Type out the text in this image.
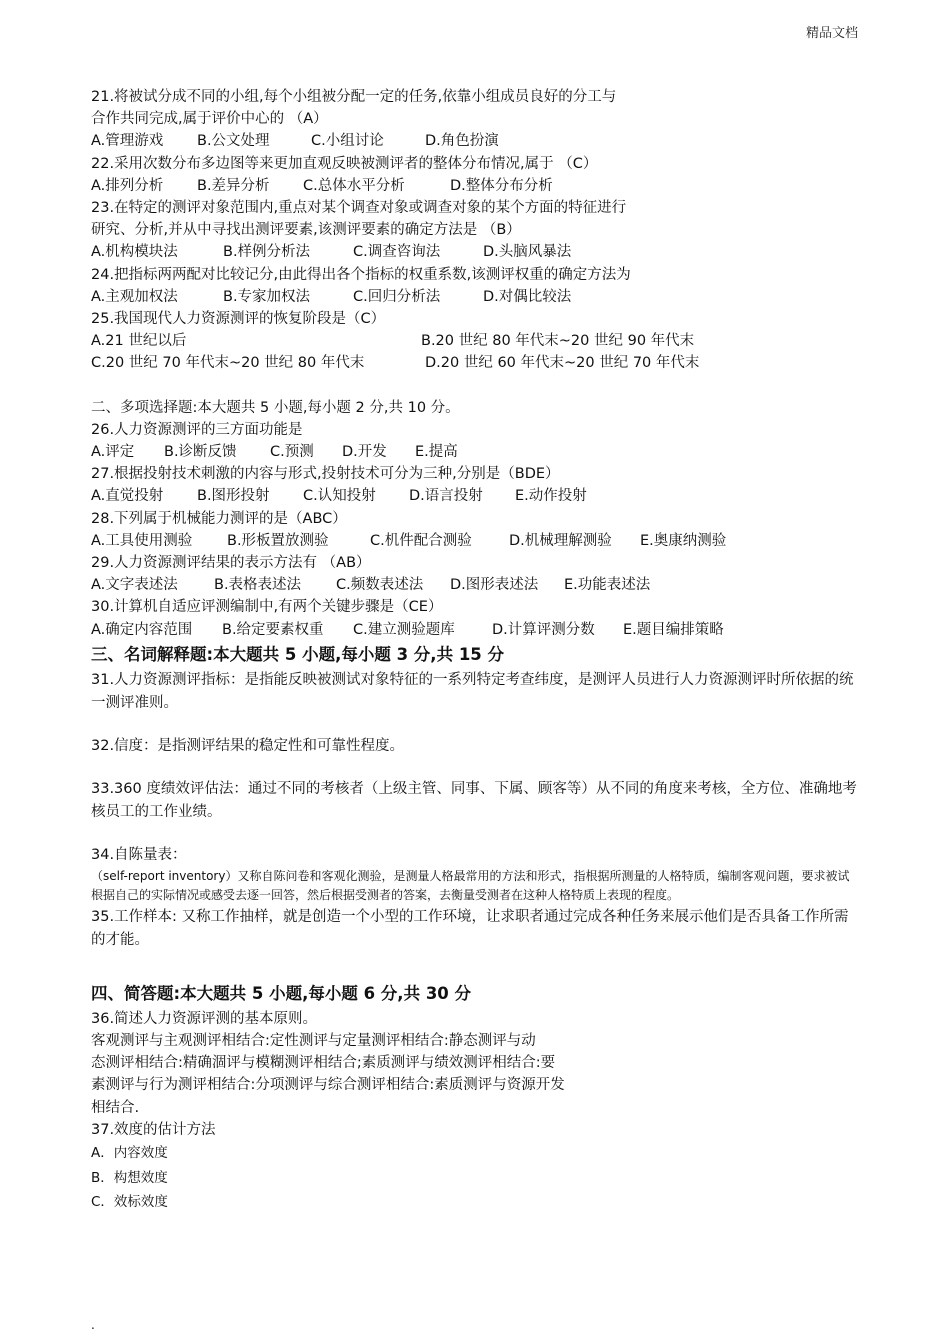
精品文档
21.将被试分成不同的小组,每个小组被分配一定的任务,依靠小组成员良好的分工与
合作共同完成,属于评价中心的 （A）
A.管理游戏 B.公文处理	C.小组讨论	D.角色扮演
22.采用次数分布多边图等来更加直观反映被测评者的整体分布情况,属于 （C）
A.排列分析 B.差异分析 C.总体水平分析	D.整体分布分析
23.在特定的测评对象范围内,重点对某个调查对象或调查对象的某个方面的特征进行
研究、分析,并从中寻找出测评要素,该测评要素的确定方法是 （B）
A.机构模块法	B.样例分析法	C.调查咨询法	D.头脑风暴法
24.把指标两两配对比较记分,由此得出各个指标的权重系数,该测评权重的确定方法为
A.主观加权法	B.专家加权法	C.回归分析法	D.对偶比较法
25.我国现代人力资源测评的恢复阶段是（C）
A.21 世纪以后	B.20 世纪 80 年代末~20 世纪 90 年代末
C.20 世纪 70 年代末~20 世纪 80 年代末	D.20 世纪 60 年代末~20 世纪 70 年代末
二、多项选择题:本大题共 5 小题,每小题 2 分,共 10 分。
26.人力资源测评的三方面功能是
A.评定 B.诊断反馈 C.预测 D.开发 E.提高
27.根据投射技术刺激的内容与形式,投射技术可分为三种,分别是（BDE）
A.直觉投射 B.图形投射 C.认知投射 D.语言投射 E.动作投射
28.下列属于机械能力测评的是（ABC）
A.工具使用测验 B.形板置放测验	C.机件配合测验	D.机械理解测验 E.奥康纳测验
29.人力资源测评结果的表示方法有 （AB）
A.文字表述法 B.表格表述法 C.频数表述法 D.图形表述法 E.功能表述法
30.计算机自适应评测编制中,有两个关键步骤是（CE）
A.确定内容范围 B.给定要素权重 C.建立测验题库	D.计算评测分数 E.题目编排策略
三、名词解释题:本大题共 5 小题,每小题 3 分,共 15 分
31.人力资源测评指标：是指能反映被测试对象特征的一系列特定考查纬度，是测评人员进行人力资源测评时所依据的统一测评准则。
32.信度：是指测评结果的稳定性和可靠性程度。
33.360 度绩效评估法：通过不同的考核者（上级主管、同事、下属、顾客等）从不同的角度来考核，全方位、准确地考核员工的工作业绩。
34.自陈量表：
（self-report inventory）又称自陈问卷和客观化测验，是测量人格最常用的方法和形式，指根据所测量的人格特质，编制客观问题，要求被试根据自己的实际情况或感受去逐一回答，然后根据受测者的答案，去衡量受测者在这种人格特质上表现的程度。
35.工作样本: 又称工作抽样，就是创造一个小型的工作环境，让求职者通过完成各种任务来展示他们是否具备工作所需的才能。
四、简答题:本大题共 5 小题,每小题 6 分,共 30 分
36.简述人力资源评测的基本原则。
客观测评与主观测评相结合:定性测评与定量测评相结合:静态测评与动
态测评相结合:精确涸评与模糊测评相结合;素质测评与绩效测评相结合:要
素测评与行为测评相结合:分项测评与综合测评相结合:素质测评与资源开发
相结合.
37.效度的估计方法
A．内容效度
B．构想效度
C．效标效度
.
